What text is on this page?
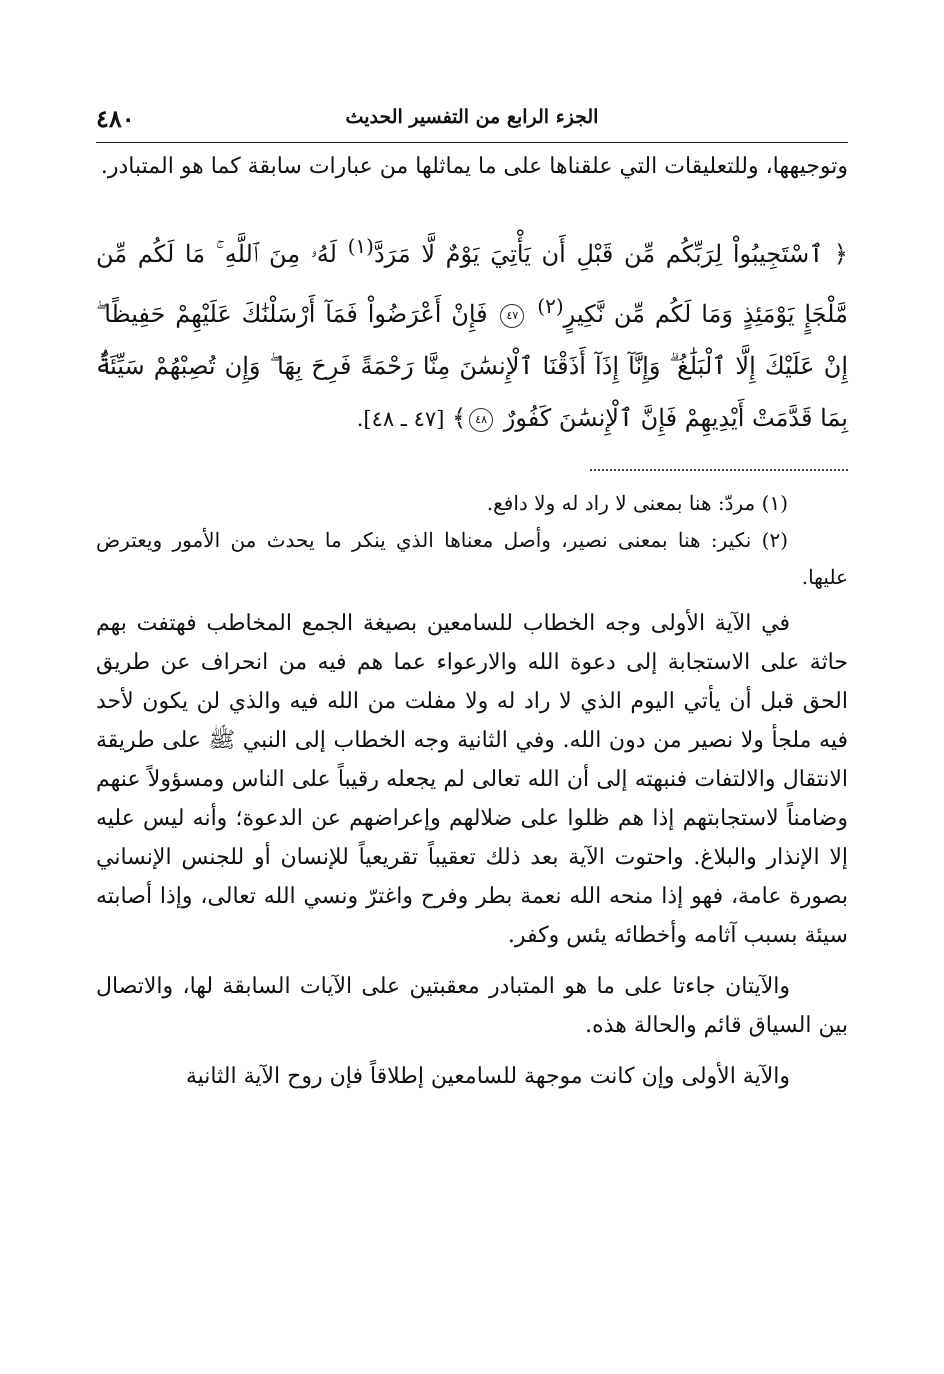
الجزء الرابع من التفسير الحديث
٤٨٠

وتوجيهها، وللتعليقات التي علقناها على ما يماثلها من عبارات سابقة كما هو المتبادر.

﴿ ٱسْتَجِيبُواْ لِرَبِّكُم مِّن قَبْلِ أَن يَأْتِيَ يَوْمٌ لَّا مَرَدَّ$^{(١)}$ لَهُۥ مِنَ ٱللَّهِ ۚ مَا لَكُم مِّن مَّلْجَإٍ يَوْمَئِذٍ وَمَا لَكُم مِّن نَّكِيرٍ$^{(٢)}$ ٤٧ فَإِنْ أَعْرَضُواْ فَمَآ أَرْسَلْنَٰكَ عَلَيْهِمْ حَفِيظًا ۖ إِنْ عَلَيْكَ إِلَّا ٱلْبَلَٰغُ ۗ وَإِنَّآ إِذَآ أَذَقْنَا ٱلْإِنسَٰنَ مِنَّا رَحْمَةً فَرِحَ بِهَا ۖ وَإِن تُصِبْهُمْ سَيِّئَةٌۢ بِمَا قَدَّمَتْ أَيْدِيهِمْ فَإِنَّ ٱلْإِنسَٰنَ كَفُورٌ ٤٨﴾ [٤٧ ـ ٤٨].

(١) مردّ: هنا بمعنى لا راد له ولا دافع.

(٢) نكير: هنا بمعنى نصير، وأصل معناها الذي ينكر ما يحدث من الأمور ويعترض عليها.

في الآية الأولى وجه الخطاب للسامعين بصيغة الجمع المخاطب فهتفت بهم حاثة على الاستجابة إلى دعوة الله والارعواء عما هم فيه من انحراف عن طريق الحق قبل أن يأتي اليوم الذي لا راد له ولا مفلت من الله فيه والذي لن يكون لأحد فيه ملجأ ولا نصير من دون الله. وفي الثانية وجه الخطاب إلى النبي ﷺ على طريقة الانتقال والالتفات فنبهته إلى أن الله تعالى لم يجعله رقيباً على الناس ومسؤولاً عنهم وضامناً لاستجابتهم إذا هم ظلوا على ضلالهم وإعراضهم عن الدعوة؛ وأنه ليس عليه إلا الإنذار والبلاغ. واحتوت الآية بعد ذلك تعقيباً تقريعياً للإنسان أو للجنس الإنساني بصورة عامة، فهو إذا منحه الله نعمة بطر وفرح واغترّ ونسي الله تعالى، وإذا أصابته سيئة بسبب آثامه وأخطائه يئس وكفر.

والآيتان جاءتا على ما هو المتبادر معقبتين على الآيات السابقة لها، والاتصال بين السياق قائم والحالة هذه.

والآية الأولى وإن كانت موجهة للسامعين إطلاقاً فإن روح الآية الثانية
